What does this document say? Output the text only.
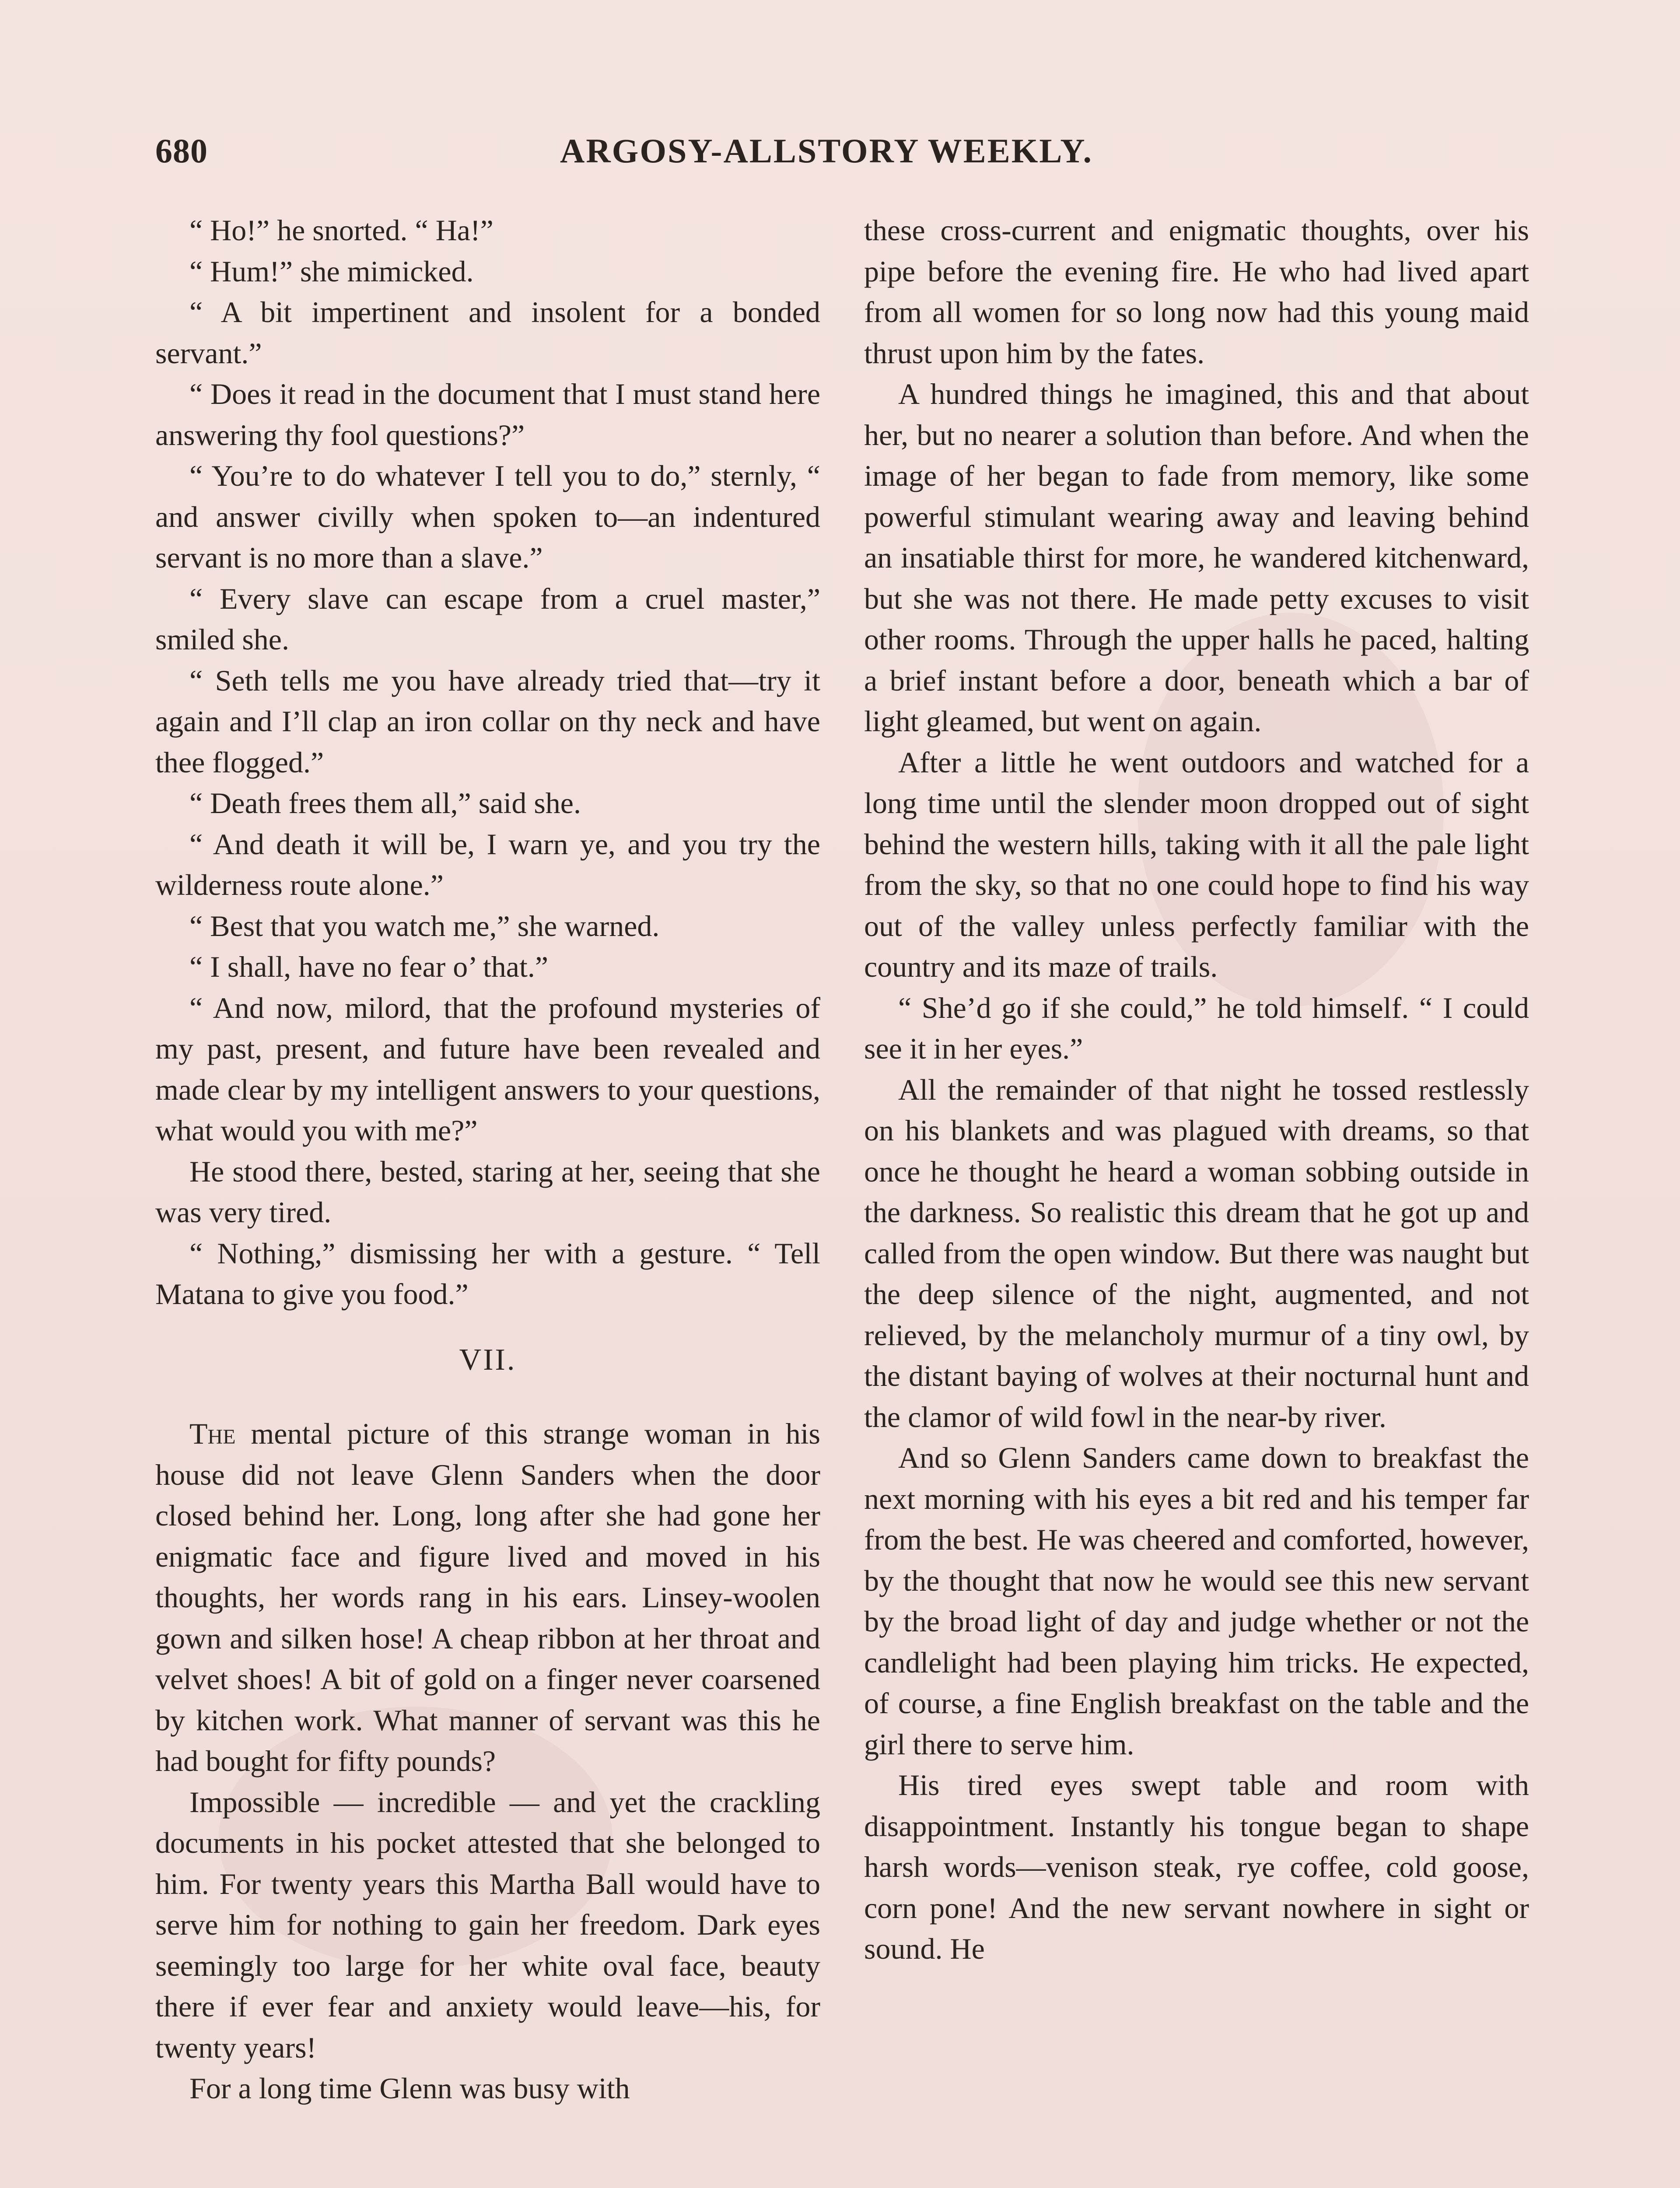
680	ARGOSY-ALLSTORY WEEKLY.

“ Ho!” he snorted. “ Ha!”

“ Hum!” she mimicked.

“ A bit impertinent and insolent for a bonded servant.”

“ Does it read in the document that I must stand here answering thy fool questions?”

“ You’re to do whatever I tell you to do,” sternly, “ and answer civilly when spoken to—an indentured servant is no more than a slave.”

“ Every slave can escape from a cruel master,” smiled she.

“ Seth tells me you have already tried that—try it again and I’ll clap an iron collar on thy neck and have thee flogged.”

“ Death frees them all,” said she.

“ And death it will be, I warn ye, and you try the wilderness route alone.”

“ Best that you watch me,” she warned.

“ I shall, have no fear o’ that.”

“ And now, milord, that the profound mysteries of my past, present, and future have been revealed and made clear by my intelligent answers to your questions, what would you with me?”

He stood there, bested, staring at her, seeing that she was very tired.

“ Nothing,” dismissing her with a gesture. “ Tell Matana to give you food.”

VII.

The mental picture of this strange woman in his house did not leave Glenn Sanders when the door closed behind her. Long, long after she had gone her enigmatic face and figure lived and moved in his thoughts, her words rang in his ears. Linsey-woolen gown and silken hose! A cheap ribbon at her throat and velvet shoes! A bit of gold on a finger never coarsened by kitchen work. What manner of servant was this he had bought for fifty pounds?

Impossible — incredible — and yet the crackling documents in his pocket attested that she belonged to him. For twenty years this Martha Ball would have to serve him for nothing to gain her freedom. Dark eyes seemingly too large for her white oval face, beauty there if ever fear and anxiety would leave—his, for twenty years!

For a long time Glenn was busy with

these cross-current and enigmatic thoughts, over his pipe before the evening fire. He who had lived apart from all women for so long now had this young maid thrust upon him by the fates.

A hundred things he imagined, this and that about her, but no nearer a solution than before. And when the image of her began to fade from memory, like some powerful stimulant wearing away and leaving behind an insatiable thirst for more, he wandered kitchenward, but she was not there. He made petty excuses to visit other rooms. Through the upper halls he paced, halting a brief instant before a door, beneath which a bar of light gleamed, but went on again.

After a little he went outdoors and watched for a long time until the slender moon dropped out of sight behind the western hills, taking with it all the pale light from the sky, so that no one could hope to find his way out of the valley unless perfectly familiar with the country and its maze of trails.

“ She’d go if she could,” he told himself. “ I could see it in her eyes.”

All the remainder of that night he tossed restlessly on his blankets and was plagued with dreams, so that once he thought he heard a woman sobbing outside in the darkness. So realistic this dream that he got up and called from the open window. But there was naught but the deep silence of the night, augmented, and not relieved, by the melancholy murmur of a tiny owl, by the distant baying of wolves at their nocturnal hunt and the clamor of wild fowl in the near-by river.

And so Glenn Sanders came down to breakfast the next morning with his eyes a bit red and his temper far from the best. He was cheered and comforted, however, by the thought that now he would see this new servant by the broad light of day and judge whether or not the candlelight had been playing him tricks. He expected, of course, a fine English breakfast on the table and the girl there to serve him.

His tired eyes swept table and room with disappointment. Instantly his tongue began to shape harsh words—venison steak, rye coffee, cold goose, corn pone! And the new servant nowhere in sight or sound. He
